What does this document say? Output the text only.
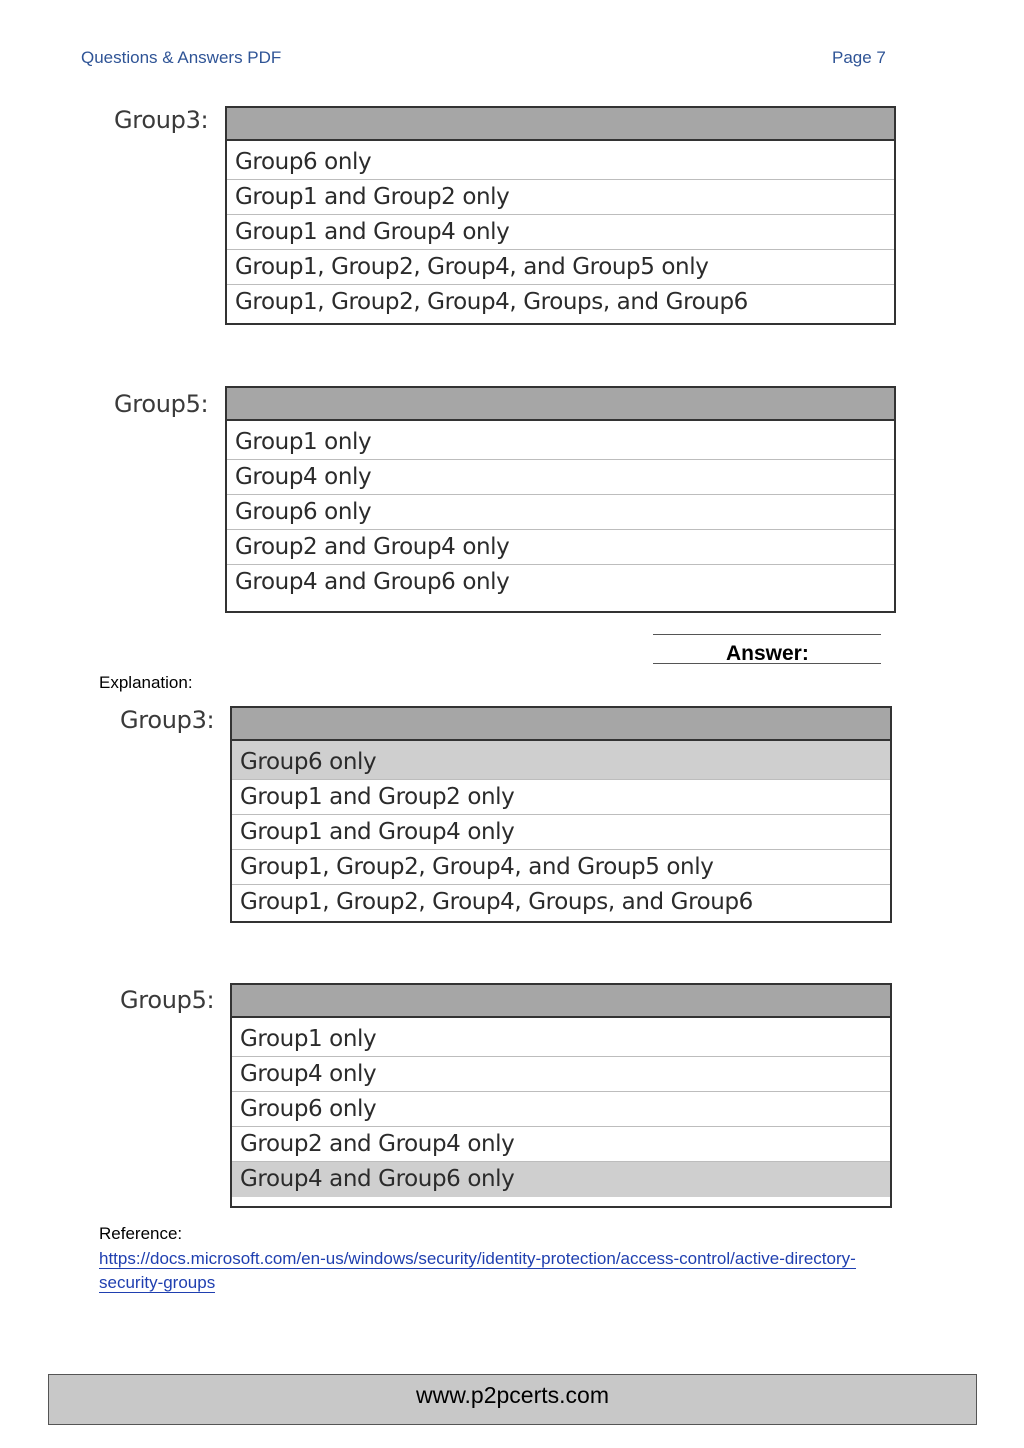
Questions & Answers PDF	Page 7
Group3:
Group6 only
Group1 and Group2 only
Group1 and Group4 only
Group1, Group2, Group4, and Group5 only
Group1, Group2, Group4, Groups, and Group6
Group5:
Group1 only
Group4 only
Group6 only
Group2 and Group4 only
Group4 and Group6 only
Answer:
Explanation:
Group3:
Group6 only
Group1 and Group2 only
Group1 and Group4 only
Group1, Group2, Group4, and Group5 only
Group1, Group2, Group4, Groups, and Group6
Group5:
Group1 only
Group4 only
Group6 only
Group2 and Group4 only
Group4 and Group6 only
Reference:
https://docs.microsoft.com/en-us/windows/security/identity-protection/access-control/active-directory-security-groups
www.p2pcerts.com
